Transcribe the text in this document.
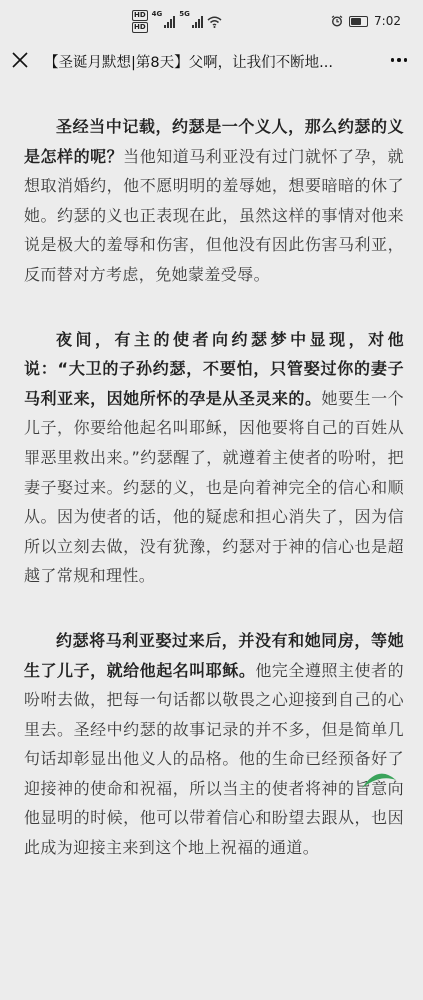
HD
HD
4G 5G	7:02
【圣诞月默想|第8天】父啊，让我们不断地...

圣经当中记载，约瑟是一个义人，那么约瑟的义是怎样的呢？当他知道马利亚没有过门就怀了孕，就想取消婚约，他不愿明明的羞辱她，想要暗暗的休了她。约瑟的义也正表现在此，虽然这样的事情对他来说是极大的羞辱和伤害，但他没有因此伤害马利亚，反而替对方考虑，免她蒙羞受辱。

夜间，有主的使者向约瑟梦中显现，对他说：“大卫的子孙约瑟，不要怕，只管娶过你的妻子马利亚来，因她所怀的孕是从圣灵来的。她要生一个儿子，你要给他起名叫耶稣，因他要将自己的百姓从罪恶里救出来。”约瑟醒了，就遵着主使者的吩咐，把妻子娶过来。约瑟的义，也是向着神完全的信心和顺从。因为使者的话，他的疑虑和担心消失了，因为信所以立刻去做，没有犹豫，约瑟对于神的信心也是超越了常规和理性。

约瑟将马利亚娶过来后，并没有和她同房，等她生了儿子，就给他起名叫耶稣。他完全遵照主使者的吩咐去做，把每一句话都以敬畏之心迎接到自己的心里去。圣经中约瑟的故事记录的并不多，但是简单几句话却彰显出他义人的品格。他的生命已经预备好了迎接神的使命和祝福，所以当主的使者将神的旨意向他显明的时候，他可以带着信心和盼望去跟从，也因此成为迎接主来到这个地上祝福的通道。
